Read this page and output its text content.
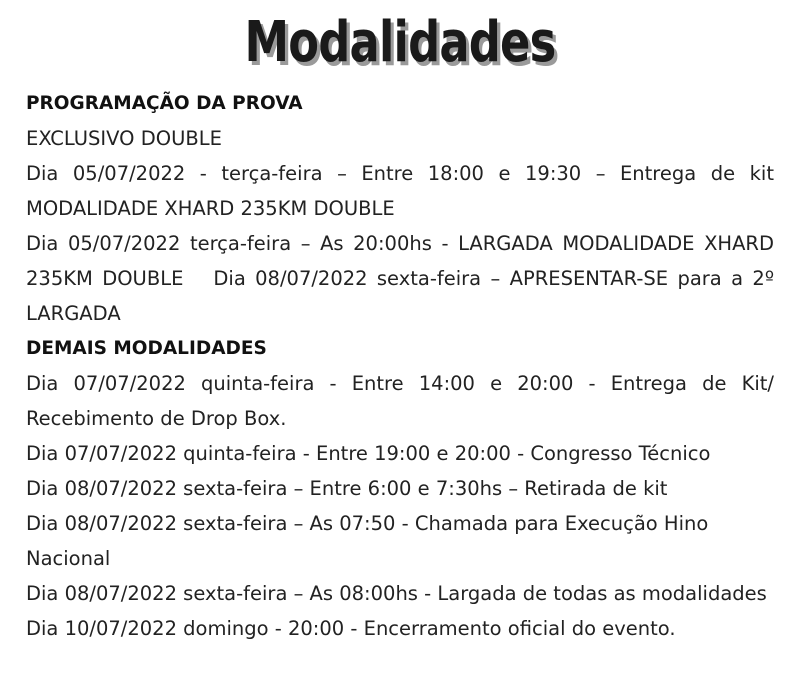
Modalidades
PROGRAMAÇÃO DA PROVA
EXCLUSIVO DOUBLE
Dia 05/07/2022 - terça-feira – Entre 18:00 e 19:30 – Entrega de kit MODALIDADE XHARD 235KM DOUBLE
Dia 05/07/2022 terça-feira – As 20:00hs - LARGADA MODALIDADE XHARD 235KM DOUBLE Dia 08/07/2022 sexta-feira – APRESENTAR-SE para a 2º LARGADA
DEMAIS MODALIDADES
Dia 07/07/2022 quinta-feira - Entre 14:00 e 20:00 - Entrega de Kit/ Recebimento de Drop Box.
Dia 07/07/2022 quinta-feira - Entre 19:00 e 20:00 - Congresso Técnico
Dia 08/07/2022 sexta-feira – Entre 6:00 e 7:30hs – Retirada de kit
Dia 08/07/2022 sexta-feira – As 07:50 - Chamada para Execução Hino Nacional
Dia 08/07/2022 sexta-feira – As 08:00hs - Largada de todas as modalidades
Dia 10/07/2022 domingo - 20:00 - Encerramento oficial do evento.
